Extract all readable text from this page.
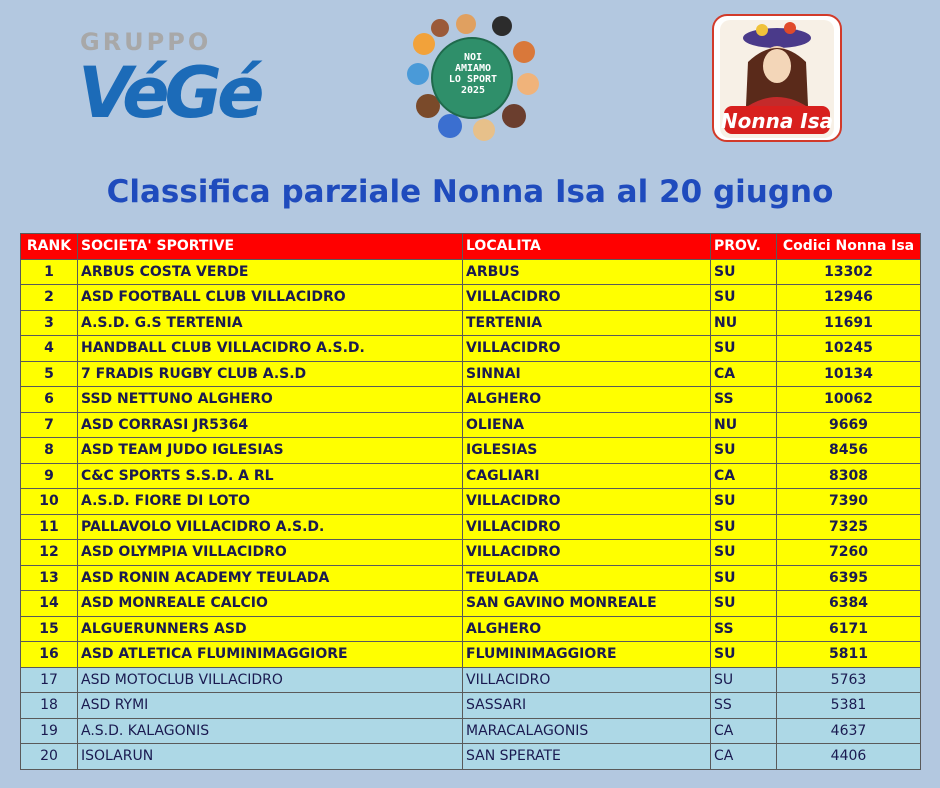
GRUPPO
VéGé	NOI
AMIAMO
LO SPORT
2025
Nonna Isa
Classifica parziale Nonna Isa al 20 giugno
RANK	SOCIETA' SPORTIVE	LOCALITA	PROV.	Codici Nonna Isa
1	ARBUS COSTA VERDE	ARBUS	SU	13302
2	ASD FOOTBALL CLUB VILLACIDRO	VILLACIDRO	SU	12946
3	A.S.D. G.S TERTENIA	TERTENIA	NU	11691
4	HANDBALL CLUB VILLACIDRO A.S.D.	VILLACIDRO	SU	10245
5	7 FRADIS RUGBY CLUB A.S.D	SINNAI	CA	10134
6	SSD NETTUNO ALGHERO	ALGHERO	SS	10062
7	ASD CORRASI JR5364	OLIENA	NU	9669
8	ASD TEAM JUDO IGLESIAS	IGLESIAS	SU	8456
9	C&C SPORTS S.S.D. A RL	CAGLIARI	CA	8308
10	A.S.D. FIORE DI LOTO	VILLACIDRO	SU	7390
11	PALLAVOLO VILLACIDRO A.S.D.	VILLACIDRO	SU	7325
12	ASD OLYMPIA VILLACIDRO	VILLACIDRO	SU	7260
13	ASD RONIN ACADEMY TEULADA	TEULADA	SU	6395
14	ASD MONREALE CALCIO	SAN GAVINO MONREALE	SU	6384
15	ALGUERUNNERS ASD	ALGHERO	SS	6171
16	ASD ATLETICA FLUMINIMAGGIORE	FLUMINIMAGGIORE	SU	5811
17	ASD MOTOCLUB VILLACIDRO	VILLACIDRO	SU	5763
18	ASD RYMI	SASSARI	SS	5381
19	A.S.D. KALAGONIS	MARACALAGONIS	CA	4637
20	ISOLARUN	SAN SPERATE	CA	4406
